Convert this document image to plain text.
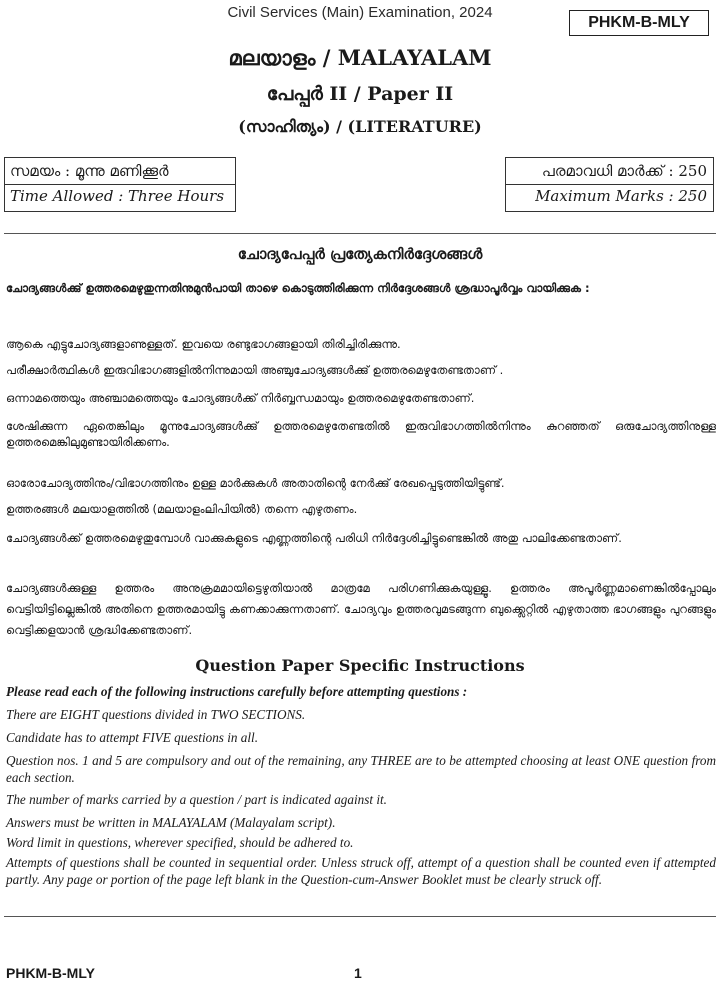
Civil Services (Main) Examination, 2024
PHKM-B-MLY
മലയാളം / MALAYALAM
പേപ്പർ II / Paper II
(സാഹിത്യം) / (LITERATURE)
സമയം : മൂന്നു മണിക്കൂർ
Time Allowed : Three Hours
പരമാവധി മാർക്ക് : 250
Maximum Marks : 250
ചോദ്യപേപ്പർ പ്രത്യേകനിർദ്ദേശങ്ങൾ
ചോദ്യങ്ങൾക്കു് ഉത്തരമെഴുതുന്നതിനുമുൻപായി താഴെ കൊടുത്തിരിക്കുന്ന നിർദ്ദേശങ്ങൾ ശ്രദ്ധാപൂർവ്വം വായിക്കുക :
ആകെ എട്ടുചോദ്യങ്ങളാണുള്ളത്. ഇവയെ രണ്ടുഭാഗങ്ങളായി തിരിച്ചിരിക്കുന്നു.
പരീക്ഷാർത്ഥികൾ ഇരുവിഭാഗങ്ങളിൽനിന്നുമായി അഞ്ചുചോദ്യങ്ങൾക്കു് ഉത്തരമെഴുതേണ്ടതാണ് .
ഒന്നാമത്തെയും അഞ്ചാമത്തെയും ചോദ്യങ്ങൾക്ക് നിർബ്ബന്ധമായും ഉത്തരമെഴുതേണ്ടതാണ്.
ശേഷിക്കുന്ന ഏതെങ്കിലും മൂന്നുചോദ്യങ്ങൾക്കു് ഉത്തരമെഴുതേണ്ടതിൽ ഇരുവിഭാഗത്തിൽനിന്നും കുറഞ്ഞത് ഒരുചോദ്യത്തിനുള്ള ഉത്തരമെങ്കിലുമുണ്ടായിരിക്കണം.
ഓരോചോദ്യത്തിനും/വിഭാഗത്തിനും ഉള്ള മാർക്കുകൾ അതാതിന്റെ നേർക്കു് രേഖപ്പെടുത്തിയിട്ടുണ്ട്.
ഉത്തരങ്ങൾ മലയാളത്തിൽ (മലയാളംലിപിയിൽ) തന്നെ എഴുതണം.
ചോദ്യങ്ങൾക്ക് ഉത്തരമെഴുതുമ്പോൾ വാക്കുകളുടെ എണ്ണത്തിന്റെ പരിധി നിർദ്ദേശിച്ചിട്ടുണ്ടെങ്കിൽ അതു പാലിക്കേണ്ടതാണ്.
ചോദ്യങ്ങൾക്കുള്ള ഉത്തരം അനുക്രമമായിട്ടെഴുതിയാൽ മാത്രമേ പരിഗണിക്കുകയുള്ളൂ. ഉത്തരം അപൂർണ്ണമാണെങ്കിൽപ്പോലും വെട്ടിയിട്ടില്ലെങ്കിൽ അതിനെ ഉത്തരമായിട്ടു കണക്കാക്കുന്നതാണ്. ചോദ്യവും ഉത്തരവുമടങ്ങുന്ന ബുക്ക്ലെറ്റിൽ എഴുതാത്ത ഭാഗങ്ങളും പുറങ്ങളും വെട്ടിക്കളയാൻ ശ്രദ്ധിക്കേണ്ടതാണ്.
Question Paper Specific Instructions
Please read each of the following instructions carefully before attempting questions :
There are EIGHT questions divided in TWO SECTIONS.
Candidate has to attempt FIVE questions in all.
Question nos. 1 and 5 are compulsory and out of the remaining, any THREE are to be attempted choosing at least ONE question from each section.
The number of marks carried by a question / part is indicated against it.
Answers must be written in MALAYALAM (Malayalam script).
Word limit in questions, wherever specified, should be adhered to.
Attempts of questions shall be counted in sequential order. Unless struck off, attempt of a question shall be counted even if attempted partly. Any page or portion of the page left blank in the Question-cum-Answer Booklet must be clearly struck off.
PHKM-B-MLY	1
